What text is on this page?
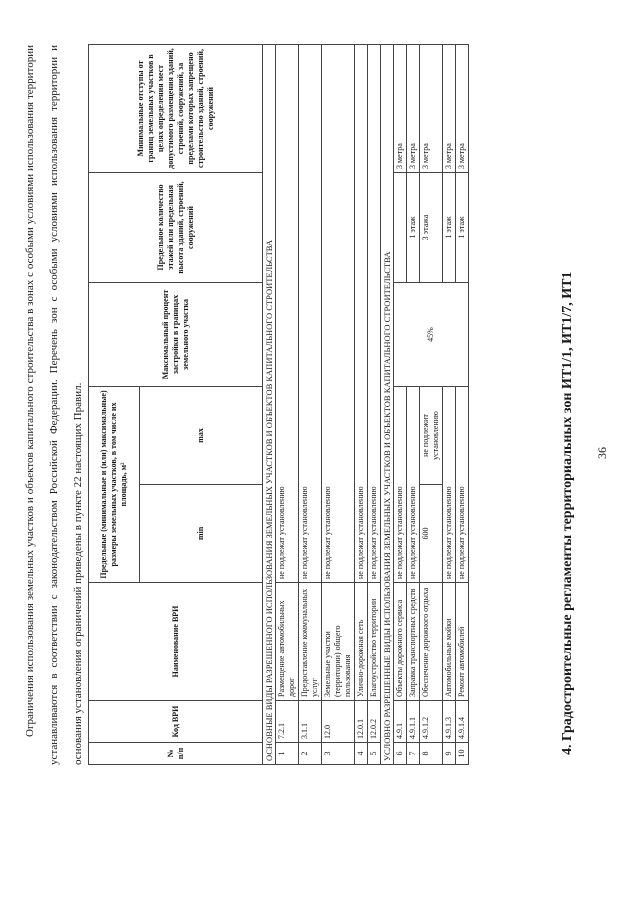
36
4. Градостроительные регламенты территориальных зон ИТ1/1, ИТ1/7, ИТ1
№ п/п	Код ВРИ	Наименование ВРИ	Предельные (минимальные и (или) максимальные) размеры земельных участков, в том числе их площадь, м²		Максимальный процент застройки в границах земельного участка	Предельное количество этажей или предельная высота зданий, строений, сооружений	Минимальные отступы от границ земельных участков в целях определения мест допустимого размещения зданий, строений, сооружений, за пределами которых запрещено строительство зданий, строений, сооружений
			min	max			
ОСНОВНЫЕ ВИДЫ РАЗРЕШЕННОГО ИСПОЛЬЗОВАНИЯ ЗЕМЕЛЬНЫХ УЧАСТКОВ И ОБЪЕКТОВ КАПИТАЛЬНОГО СТРОИТЕЛЬСТВА							
1	7.2.1	Размещение автомобильных дорог	не подлежат установлению				
2	3.1.1	Предоставление коммунальных услуг	не подлежат установлению				
3	12.0	Земельные участки (территории) общего пользования	не подлежат установлению				
4	12.0.1	Улично-дорожная сеть	не подлежат установлению				
5	12.0.2	Благоустройство территории	не подлежат установлению				
УСЛОВНО РАЗРЕШЕННЫЕ ВИДЫ ИСПОЛЬЗОВАНИЯ ЗЕМЕЛЬНЫХ УЧАСТКОВ И ОБЪЕКТОВ КАПИТАЛЬНОГО СТРОИТЕЛЬСТВА							
6	4.9.1	Объекты дорожного сервиса	не подлежат установлению		45%		3 метра
7	4.9.1.1	Заправка транспортных средств	не подлежат установлению			1 этаж	3 метра
8	4.9.1.2	Обеспечение дорожного отдыха	600	не подлежит установлению		3 этажа	3 метра
9	4.9.1.3	Автомобильные мойки	не подлежат установлению			1 этаж	3 метра
10	4.9.1.4	Ремонт автомобилей	не подлежат установлению			1 этаж	3 метра
Ограничения использования земельных участков и объектов капитального строительства в зонах с особыми условиями использования территории устанавливаются в соответствии с законодательством Российской Федерации. Перечень зон с особыми условиями использования территории и основания установления ограничений приведены в пункте 22 настоящих Правил.
